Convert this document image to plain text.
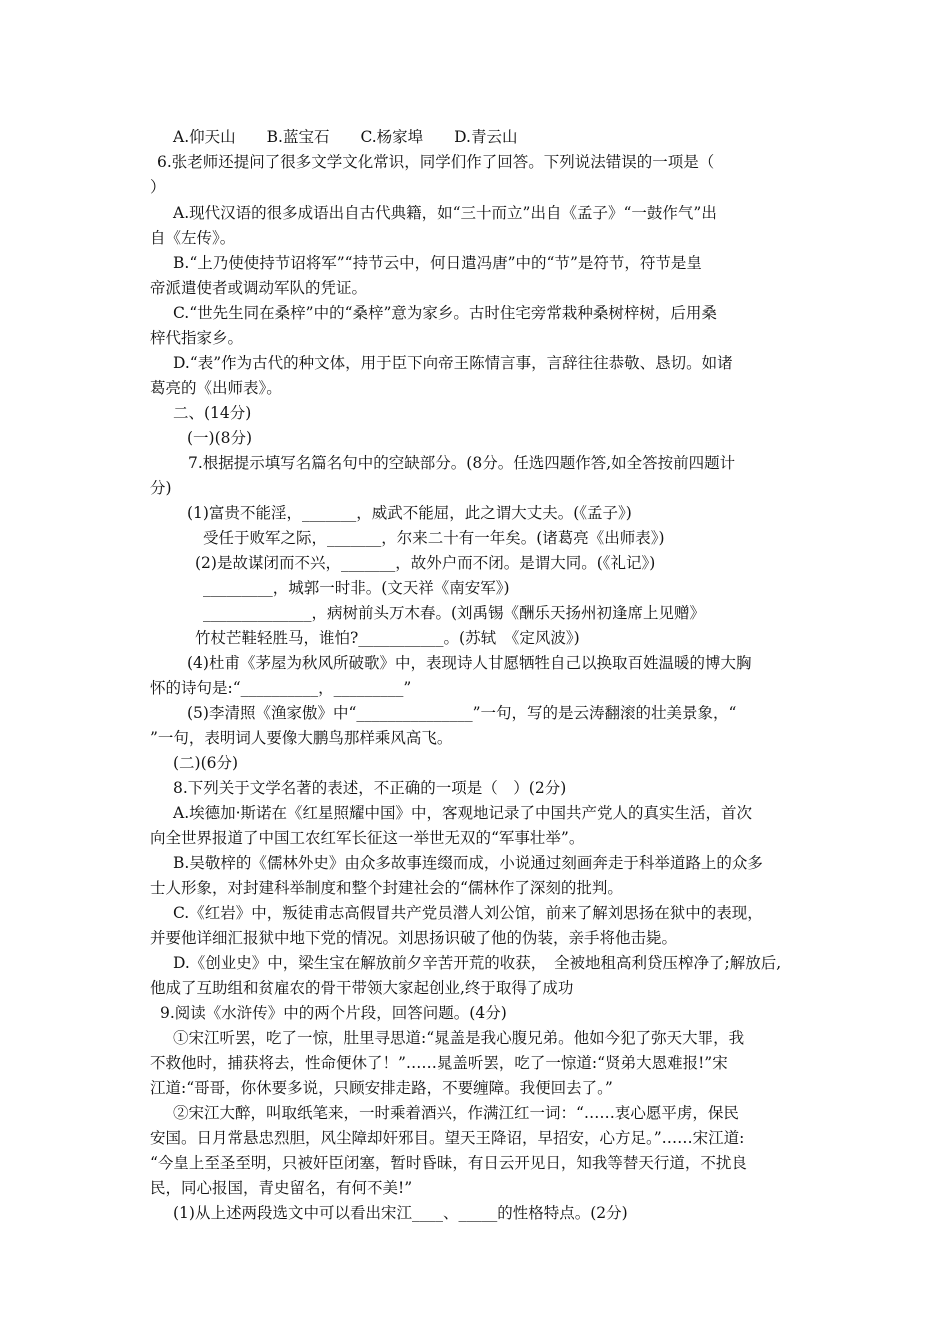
A.仰天山　　B.蓝宝石　　C.杨家埠　　D.青云山
6.张老师还提问了很多文学文化常识，同学们作了回答。下列说法错误的一项是（
）
A.现代汉语的很多成语出自古代典籍，如“三十而立”出自《孟子》“一鼓作气”出
自《左传》。
B.“上乃使使持节诏将军”“持节云中，何日遣冯唐”中的“节”是符节，符节是皇
帝派遣使者或调动军队的凭证。
C.“世先生同在桑梓”中的“桑梓”意为家乡。古时住宅旁常栽种桑树梓树，后用桑
梓代指家乡。
D.“表”作为古代的种文体，用于臣下向帝王陈情言事，言辞往往恭敬、恳切。如诸
葛亮的《出师表》。
二、(14分)
(一)(8分)
7.根据提示填写名篇名句中的空缺部分。(8分。任选四题作答,如全答按前四题计
分)
(1)富贵不能淫，_______，威武不能屈，此之谓大丈夫。(《孟子》)
受任于败军之际，_______，尔来二十有一年矣。(诸葛亮《出师表》)
(2)是故谋闭而不兴，_______，故外户而不闭。是谓大同。(《礼记》)
_________，城郭一时非。(文天祥《南安军》)
______________，病树前头万木春。(刘禹锡《酬乐天扬州初逢席上见赠》
竹杖芒鞋轻胜马，谁怕?___________。(苏轼　《定风波》)
(4)杜甫《茅屋为秋风所破歌》中，表现诗人甘愿牺牲自己以换取百姓温暖的博大胸
怀的诗句是:“__________，_________”
(5)李清照《渔家傲》中“_______________”一句，写的是云涛翻滚的壮美景象，“
”一句，表明词人要像大鹏鸟那样乘风高飞。
(二)(6分)
8.下列关于文学名著的表述，不正确的一项是（　）(2分)
A.埃德加·斯诺在《红星照耀中国》中，客观地记录了中国共产党人的真实生活，首次
向全世界报道了中国工农红军长征这一举世无双的“军事壮举”。
B.吴敬梓的《儒林外史》由众多故事连缀而成，小说通过刻画奔走于科举道路上的众多
士人形象，对封建科举制度和整个封建社会的“儒林作了深刻的批判。
C.《红岩》中，叛徒甫志高假冒共产党员潜人刘公馆，前来了解刘思扬在狱中的表现，
并要他详细汇报狱中地下党的情况。刘思扬识破了他的伪装，亲手将他击毙。
D.《创业史》中，梁生宝在解放前夕辛苦开荒的收获，　全被地租高利贷压榨净了;解放后,
他成了互助组和贫雇农的骨干带领大家起创业,终于取得了成功
9.阅读《水浒传》中的两个片段，回答问题。(4分)
①宋江听罢，吃了一惊，肚里寻思道:“晁盖是我心腹兄弟。他如今犯了弥天大罪，我
不救他时，捕获将去，性命便休了！”……晁盖听罢，吃了一惊道:“贤弟大恩难报!”宋
江道:“哥哥，你休要多说，只顾安排走路，不要缠障。我便回去了。”
②宋江大醉，叫取纸笔来，一时乘着酒兴，作满江红一词：“……衷心愿平虏，保民
安国。日月常悬忠烈胆，风尘障却奸邪目。望天王降诏，早招安，心方足。”……宋江道:
“今皇上至圣至明，只被奸臣闭塞，暂时昏昧，有日云开见日，知我等替天行道，不扰良
民，同心报国，青史留名，有何不美!”
(1)从上述两段选文中可以看出宋江____、_____的性格特点。(2分)
